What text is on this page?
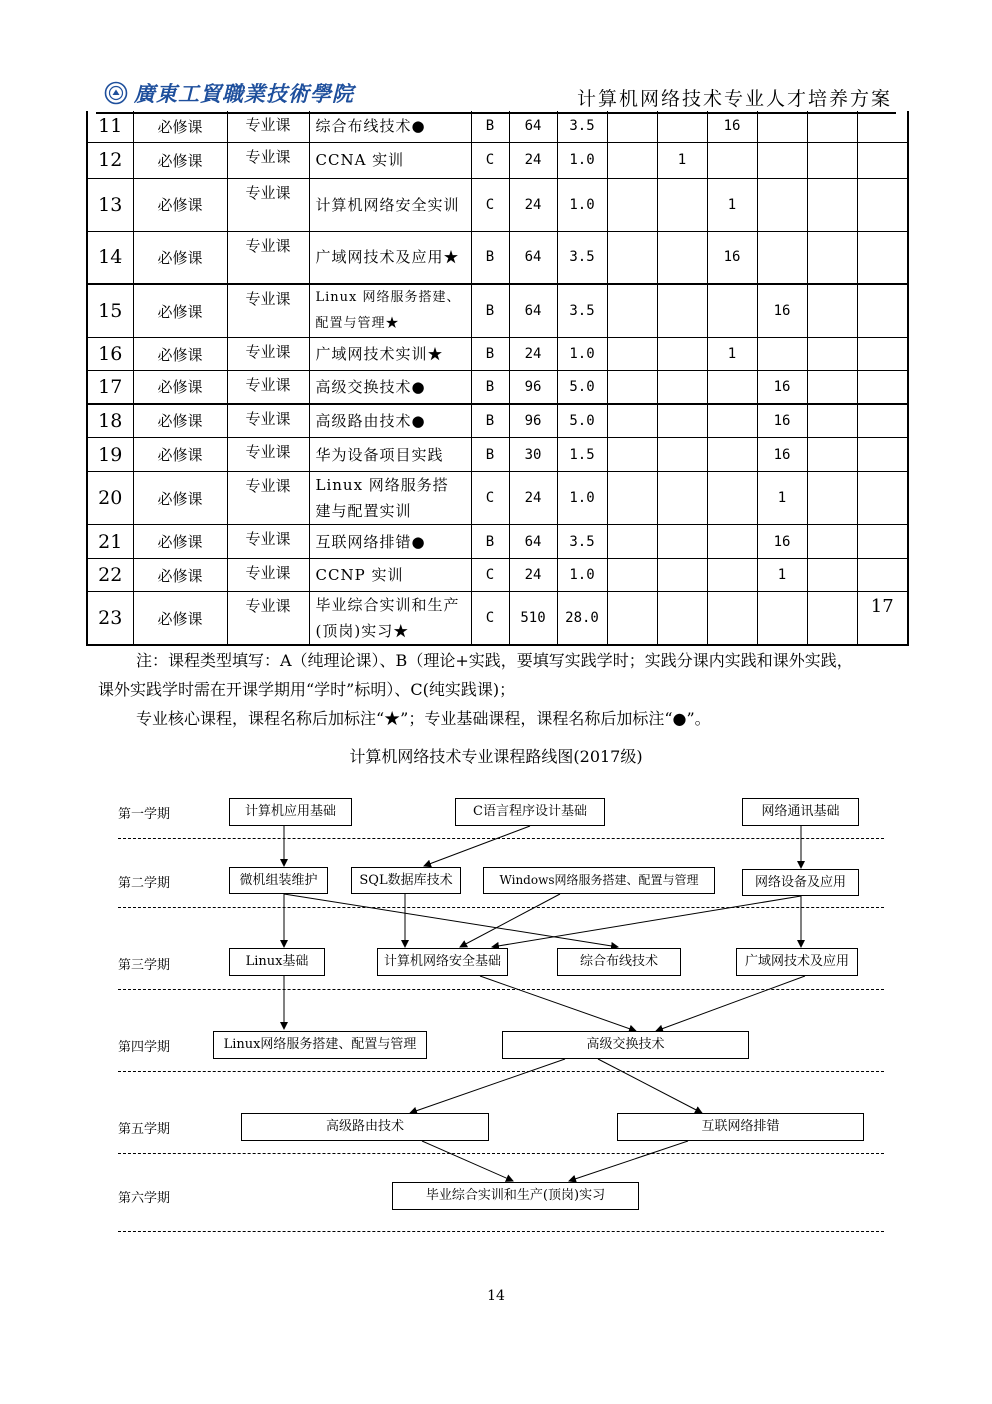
廣東工貿職業技術學院	计算机网络技术专业人才培养方案
11	必修课	专业课	综合布线技术●	B	64	3.5			16			
12	必修课	专业课	CCNA 实训	C	24	1.0		1				
13	必修课	专业课	计算机网络安全实训	C	24	1.0			1			
14	必修课	专业课	广域网技术及应用★	B	64	3.5			16			
15	必修课	专业课	Linux 网络服务搭建、配置与管理★	B	64	3.5				16		
16	必修课	专业课	广域网技术实训★	B	24	1.0			1			
17	必修课	专业课	高级交换技术●	B	96	5.0				16		
18	必修课	专业课	高级路由技术●	B	96	5.0				16		
19	必修课	专业课	华为设备项目实践	B	30	1.5				16		
20	必修课	专业课	Linux 网络服务搭建与配置实训	C	24	1.0				1		
21	必修课	专业课	互联网络排错●	B	64	3.5				16		
22	必修课	专业课	CCNP 实训	C	24	1.0				1		
23	必修课	专业课	毕业综合实训和生产(顶岗)实习★	C	510	28.0						17

注：课程类型填写：A（纯理论课）、B（理论+实践，要填写实践学时；实践分课内实践和课外实践，

课外实践学时需在开课学期用“学时”标明）、C(纯实践课)；

专业核心课程，课程名称后加标注“★”；专业基础课程，课程名称后加标注“●”。

计算机网络技术专业课程路线图(2017级)
第一学期
第二学期
第三学期
第四学期
第五学期
第六学期
计算机应用基础	C语言程序设计基础	网络通讯基础
微机组装维护	SQL数据库技术	Windows网络服务搭建、配置与管理	网络设备及应用
Linux基础	计算机网络安全基础	综合布线技术	广域网技术及应用
Linux网络服务搭建、配置与管理	高级交换技术
高级路由技术	互联网络排错
毕业综合实训和生产(顶岗)实习
14
